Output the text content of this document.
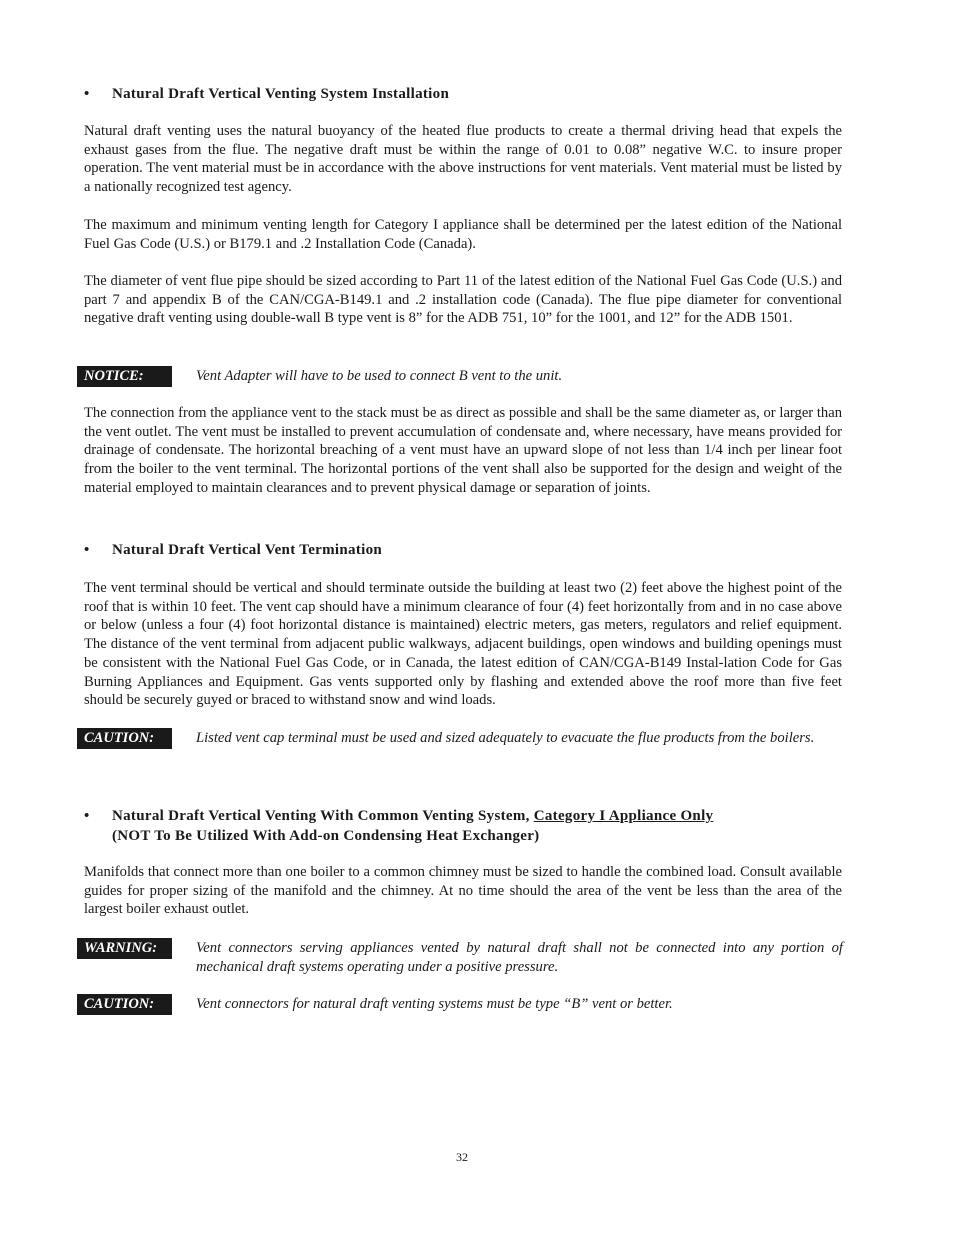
• Natural Draft Vertical Venting System Installation
Natural draft venting uses the natural buoyancy of the heated flue products to create a thermal driving head that expels the exhaust gases from the flue. The negative draft must be within the range of 0.01 to 0.08” negative W.C. to insure proper operation. The vent material must be in accordance with the above instructions for vent materials. Vent material must be listed by a nationally recognized test agency.
The maximum and minimum venting length for Category I appliance shall be determined per the latest edition of the National Fuel Gas Code (U.S.) or B179.1 and .2 Installation Code (Canada).
The diameter of vent flue pipe should be sized according to Part 11 of the latest edition of the National Fuel Gas Code (U.S.) and part 7 and appendix B of the CAN/CGA-B149.1 and .2 installation code (Canada). The flue pipe diameter for conventional negative draft venting using double-wall B type vent is 8” for the ADB 751, 10” for the 1001, and 12” for the ADB 1501.
NOTICE:	Vent Adapter will have to be used to connect B vent to the unit.
The connection from the appliance vent to the stack must be as direct as possible and shall be the same diameter as, or larger than the vent outlet. The vent must be installed to prevent accumulation of condensate and, where necessary, have means provided for drainage of condensate. The horizontal breaching of a vent must have an upward slope of not less than 1/4 inch per linear foot from the boiler to the vent terminal. The horizontal portions of the vent shall also be supported for the design and weight of the material employed to maintain clearances and to prevent physical damage or separation of joints.
• Natural Draft Vertical Vent Termination
The vent terminal should be vertical and should terminate outside the building at least two (2) feet above the highest point of the roof that is within 10 feet. The vent cap should have a minimum clearance of four (4) feet horizontally from and in no case above or below (unless a four (4) foot horizontal distance is maintained) electric meters, gas meters, regulators and relief equipment. The distance of the vent terminal from adjacent public walkways, adjacent buildings, open windows and building openings must be consistent with the National Fuel Gas Code, or in Canada, the latest edition of CAN/CGA-B149 Instal-lation Code for Gas Burning Appliances and Equipment. Gas vents supported only by flashing and extended above the roof more than five feet should be securely guyed or braced to withstand snow and wind loads.
CAUTION:	Listed vent cap terminal must be used and sized adequately to evacuate the flue products from the boilers.
• Natural Draft Vertical Venting With Common Venting System, Category I Appliance Only
(NOT To Be Utilized With Add-on Condensing Heat Exchanger)
Manifolds that connect more than one boiler to a common chimney must be sized to handle the combined load. Consult available guides for proper sizing of the manifold and the chimney. At no time should the area of the vent be less than the area of the largest boiler exhaust outlet.
WARNING:	Vent connectors serving appliances vented by natural draft shall not be connected into any portion of mechanical draft systems operating under a positive pressure.
CAUTION:	Vent connectors for natural draft venting systems must be type “B” vent or better.
32
